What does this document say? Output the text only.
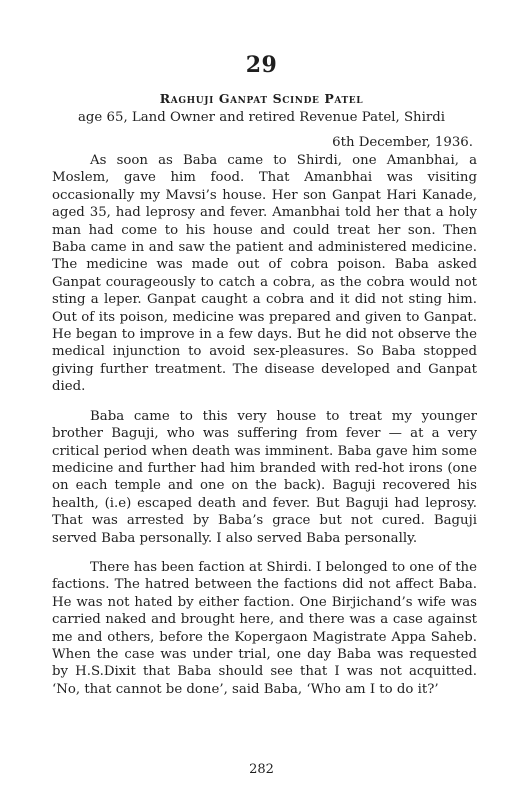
29
Raghuji Ganpat Scinde Patel
age 65, Land Owner and retired Revenue Patel, Shirdi
6th December, 1936.

As soon as Baba came to Shirdi, one Amanbhai, a Moslem, gave him food. That Amanbhai was visiting occasionally my Mavsi’s house. Her son Ganpat Hari Kanade, aged 35, had leprosy and fever. Amanbhai told her that a holy man had come to his house and could treat her son. Then Baba came in and saw the patient and administered medicine. The medicine was made out of cobra poison. Baba asked Ganpat courageously to catch a cobra, as the cobra would not sting a leper. Ganpat caught a cobra and it did not sting him. Out of its poison, medicine was prepared and given to Ganpat. He began to improve in a few days. But he did not observe the medical injunction to avoid sex-pleasures. So Baba stopped giving further treatment. The disease developed and Ganpat died.

Baba came to this very house to treat my younger brother Baguji, who was suffering from fever — at a very critical period when death was imminent. Baba gave him some medicine and further had him branded with red-hot irons (one on each temple and one on the back). Baguji recovered his health, (i.e) escaped death and fever. But Baguji had leprosy. That was arrested by Baba’s grace but not cured. Baguji served Baba personally. I also served Baba personally.

There has been faction at Shirdi. I belonged to one of the factions. The hatred between the factions did not affect Baba. He was not hated by either faction. One Birjichand’s wife was carried naked and brought here, and there was a case against me and others, before the Kopergaon Magistrate Appa Saheb. When the case was under trial, one day Baba was requested by H.S.Dixit that Baba should see that I was not acquitted. ‘No, that cannot be done’, said Baba, ‘Who am I to do it?’

282
